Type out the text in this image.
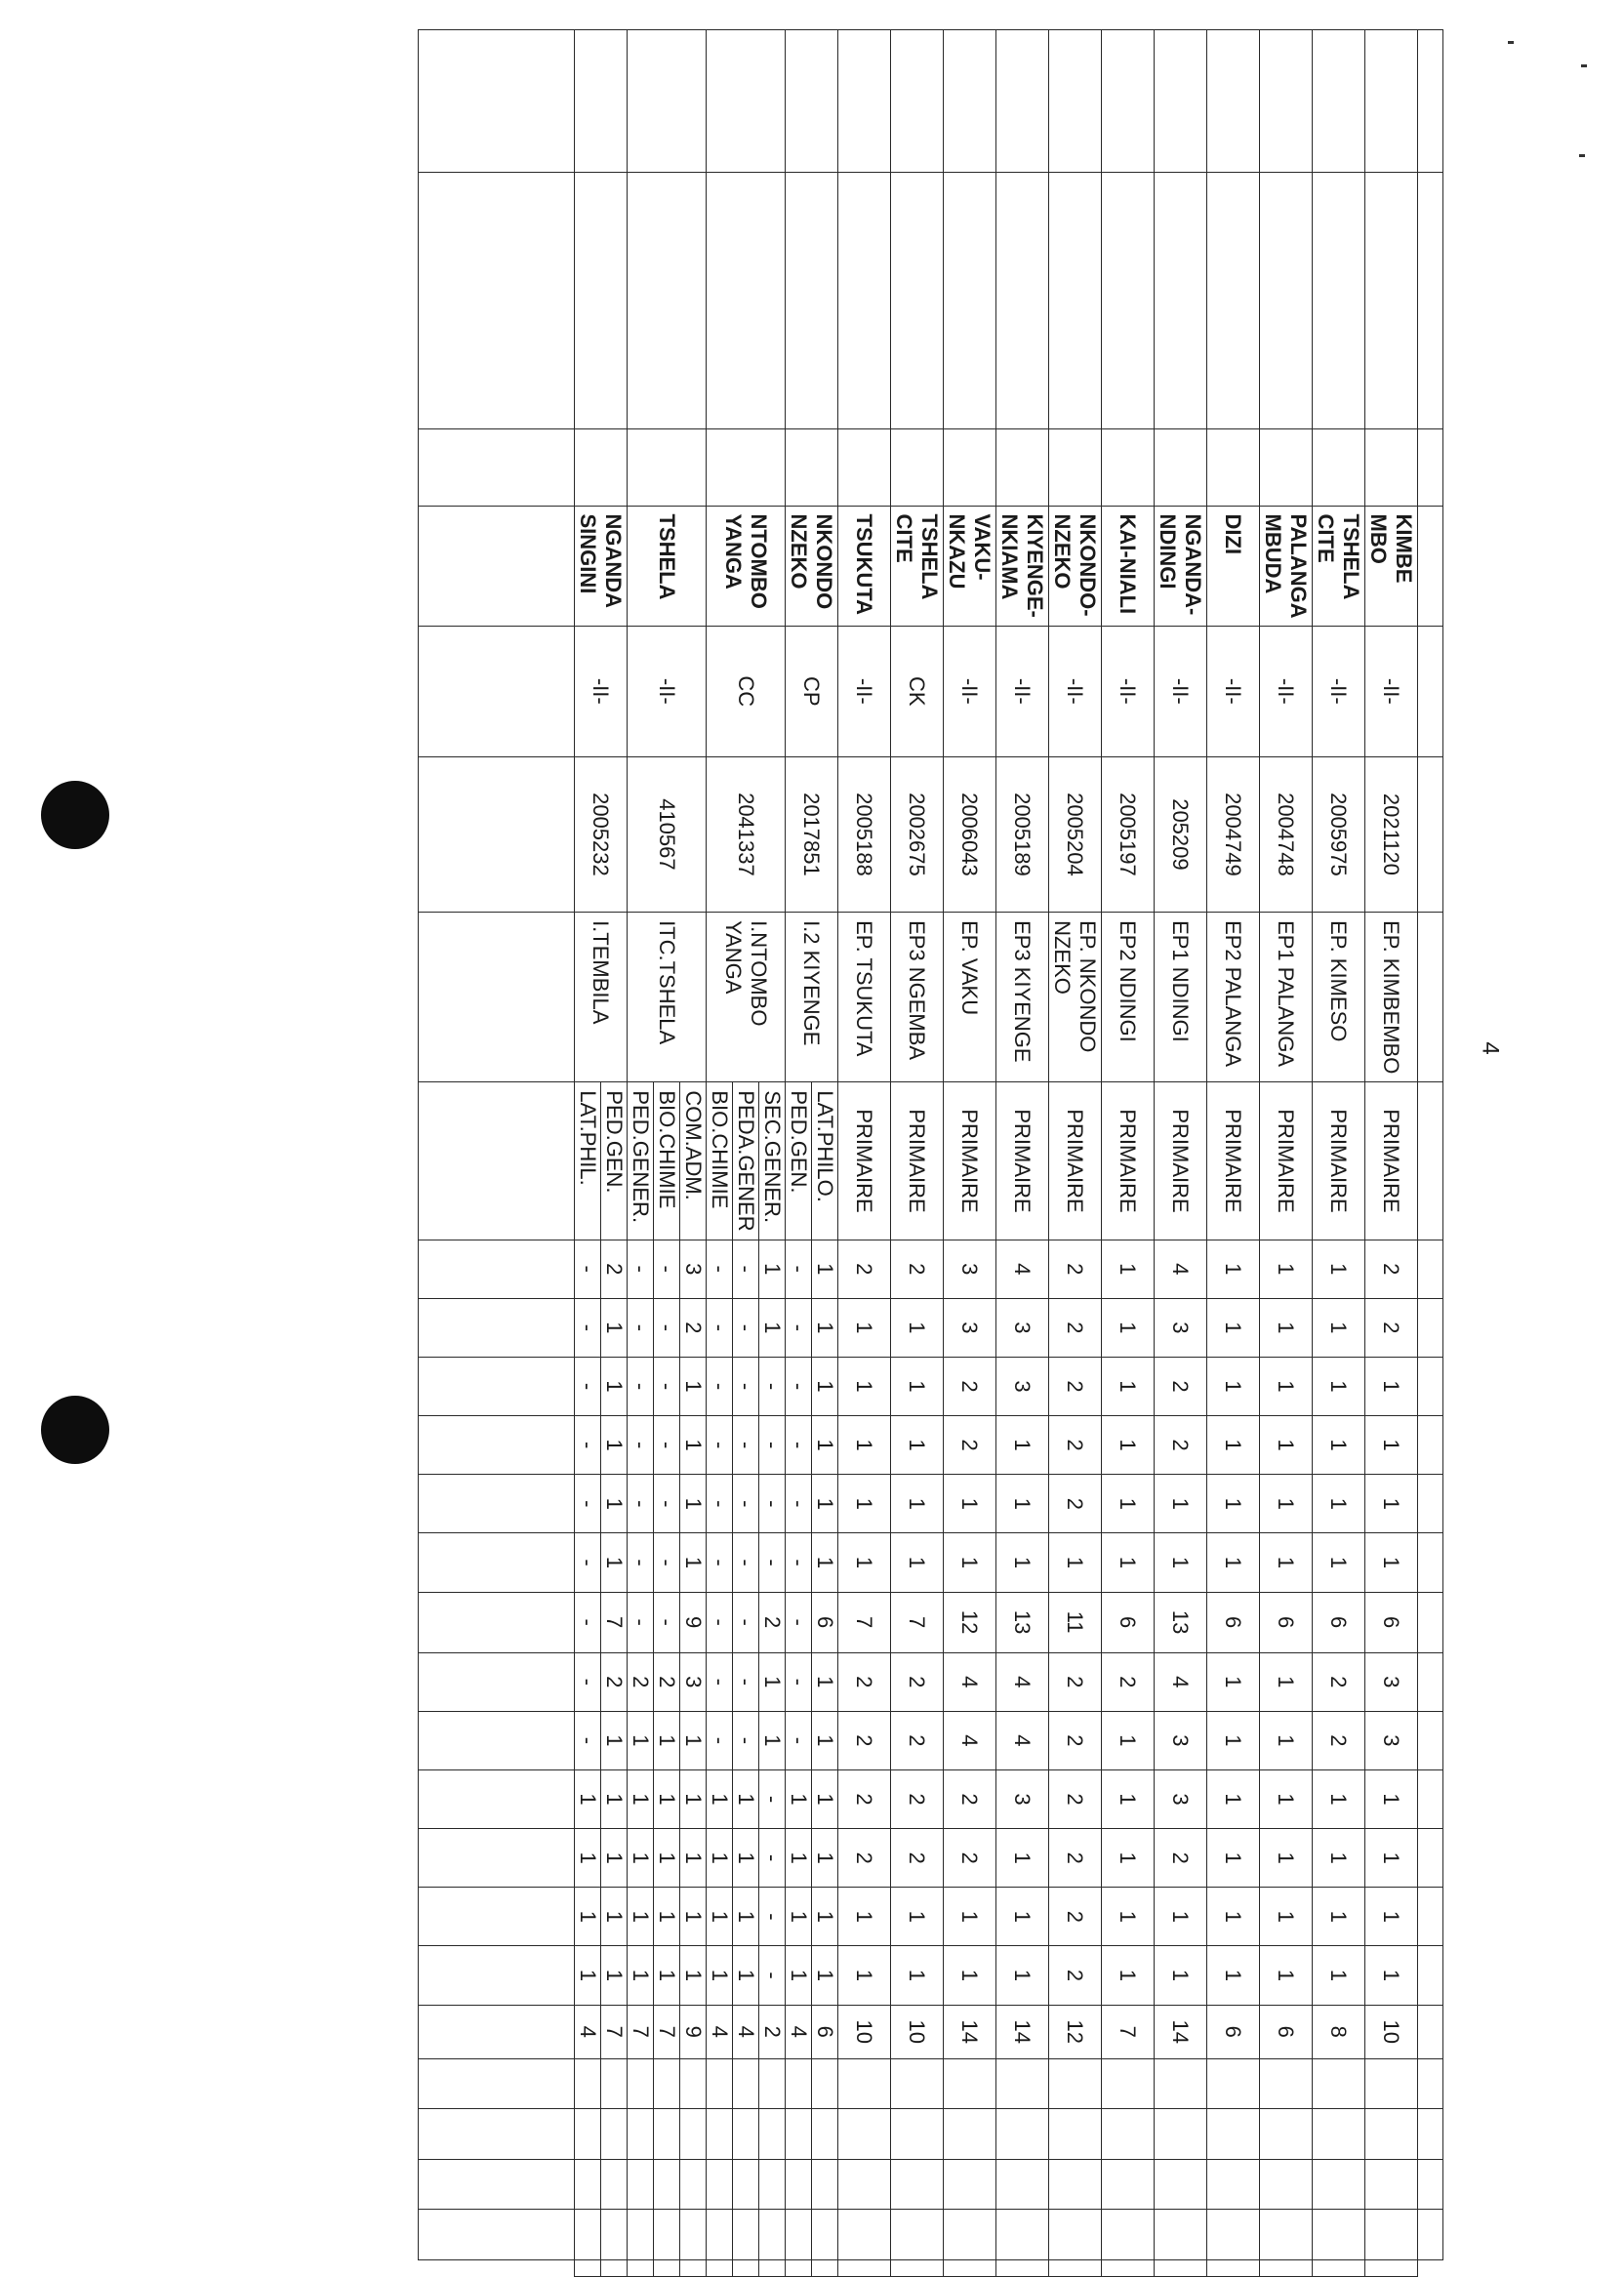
4

			KIMBE MBO	-II-	2021120	EP. KIMBEMBO	PRIMAIRE	2	2	1	1	1	1	6	3	3	1	1	1	1	10					
			TSHELA CITE	-II-	2005975	EP. KIMESO	PRIMAIRE	1	1	1	1	1	1	6	2	2	1	1	1	1	8					
			PALANGA MBUDA	-II-	2004748	EP1 PALANGA	PRIMAIRE	1	1	1	1	1	1	6	1	1	1	1	1	1	6					
			DIZI	-II-	2004749	EP2 PALANGA	PRIMAIRE	1	1	1	1	1	1	6	1	1	1	1	1	1	6					
			NGANDA-NDINGI	-II-	205209	EP1 NDINGI	PRIMAIRE	4	3	2	2	1	1	13	4	3	3	2	1	1	14					
			KAI-NIALI	-II-	2005197	EP2 NDINGI	PRIMAIRE	1	1	1	1	1	1	6	2	1	1	1	1	1	7					
			NKONDO-NZEKO	-II-	2005204	EP. NKONDO NZEKO	PRIMAIRE	2	2	2	2	2	1	11	2	2	2	2	2	2	12					
			KIYENGE-NKIAMA	-II-	2005189	EP3 KIYENGE	PRIMAIRE	4	3	3	1	1	1	13	4	4	3	1	1	1	14					
			VAKU-NKAZU	-II-	2006043	EP. VAKU	PRIMAIRE	3	3	2	2	1	1	12	4	4	2	2	1	1	14					
			TSHELA CITE	CK	2002675	EP3 NGEMBA	PRIMAIRE	2	1	1	1	1	1	7	2	2	2	2	1	1	10					
			TSUKUTA	-II-	2005188	EP. TSUKUTA	PRIMAIRE	2	1	1	1	1	1	7	2	2	2	2	1	1	10					
			NKONDO NZEKO	CP	2017851	I.2 KIYENGE	LAT.PHILO.	1	1	1	1	1	1	6	1	1	1	1	1	1	6					
							PED.GEN.	-	-	-	-	-	-	-	-	-	1	1	1	1	4					
			NTOMBO YANGA	CC	2041337	I.NTOMBO YANGA	SEC.GENER.	1	1	-	-	-	-	2	1	1	-	-	-	-	2					
							PEDA.GENER	-	-	-	-	-	-	-	-	-	1	1	1	1	4					
							BIO.CHIMIE	-	-	-	-	-	-	-	-	-	1	1	1	1	4					
			TSHELA	-II-	410567	ITC.TSHELA	COM.ADM.	3	2	1	1	1	1	9	3	1	1	1	1	1	9					
							BIO.CHIMIE	-	-	-	-	-	-	-	2	1	1	1	1	1	7					
							PED.GENER.	-	-	-	-	-	-	-	2	1	1	1	1	1	7					
			NGANDA SINGINI	-II-	2005232	I.TEMBILA	PED.GEN.	2	1	1	1	1	1	7	2	1	1	1	1	1	7					
							LAT.PHIL.	-	-	-	-	-	-	-	-	-	1	1	1	1	4					
